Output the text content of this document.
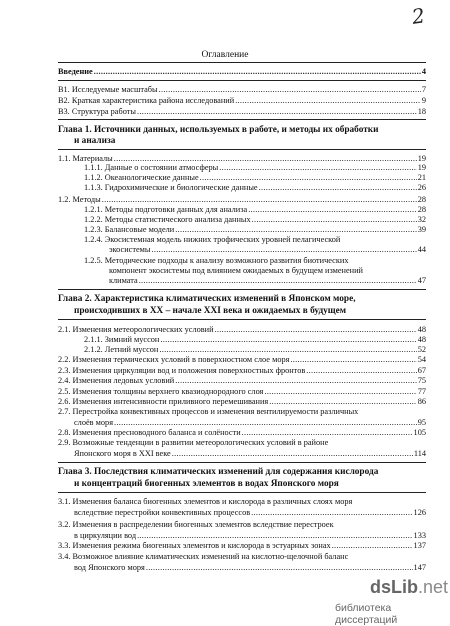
2
Оглавление
Введение .....	4
В1. Исследуемые масштабы .....	7
В2. Краткая характеристика района исследований .....	9
В3. Структура работы .....	18
Глава 1. Источники данных, используемых в работе, и методы их обработки
и анализа
1.1. Материалы .....	19
1.1.1. Данные о состоянии атмосферы .....	19
1.1.2. Океанологические данные .....	21
1.1.3. Гидрохимические и биологические данные .....	26
1.2. Методы .....	28
1.2.1. Методы подготовки данных для анализа .....	28
1.2.2. Методы статистического анализа данных .....	32
1.2.3. Балансовые модели .....	39
1.2.4. Экосистемная модель нижних трофических уровней пелагической
экосистемы .....	44
1.2.5. Методические подходы к анализу возможного развития биотических
компонент экосистемы под влиянием ожидаемых в будущем изменений
климата .....	47
Глава 2. Характеристика климатических изменений в Японском море,
происходивших в XX – начале XXI века и ожидаемых в будущем
2.1. Изменения метеорологических условий .....	48
2.1.1. Зимний муссон .....	48
2.1.2. Летний муссон .....	52
2.2. Изменения термических условий в поверхностном слое моря .....	54
2.3. Изменения циркуляции вод и положения поверхностных фронтов .....	67
2.4. Изменения ледовых условий .....	75
2.5. Изменения толщины верхнего квазиоднородного слоя .....	77
2.6. Изменения интенсивности приливного перемешивания .....	86
2.7. Перестройка конвективных процессов и изменения вентилируемости различных
слоёв моря .....	95
2.8. Изменения пресноводного баланса и солёности .....	105
2.9. Возможные тенденции в развитии метеорологических условий в районе
Японского моря в XXI веке .....	114
Глава 3. Последствия климатических изменений для содержания кислорода
и концентраций биогенных элементов в водах Японского моря
3.1. Изменения баланса биогенных элементов и кислорода в различных слоях моря
вследствие перестройки конвективных процессов .....	126
3.2. Изменения в распределении биогенных элементов вследствие перестроек
в циркуляции вод .....	133
3.3. Изменения режима биогенных элементов и кислорода в эстуарных зонах .....	137
3.4. Возможное влияние климатических изменений на кислотно-щелочной баланс
вод Японского моря .....	147
dsLib.net
библиотека диссертаций
